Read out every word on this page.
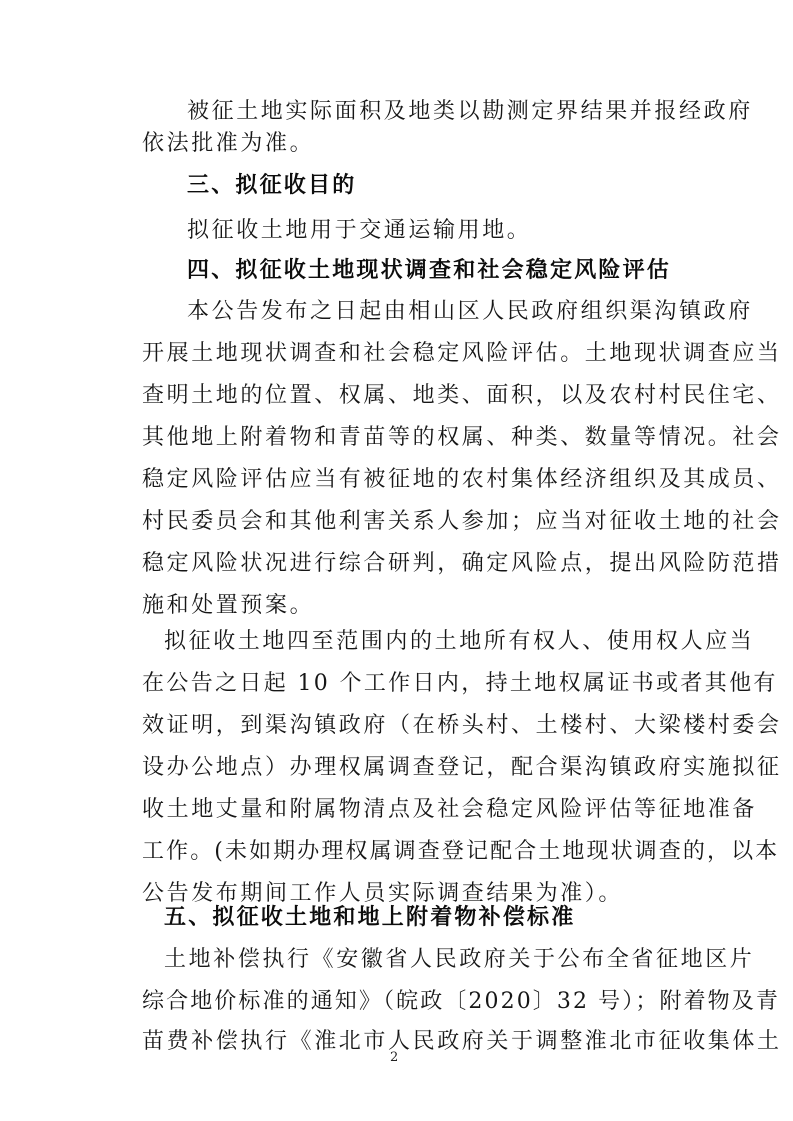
被征土地实际面积及地类以勘测定界结果并报经政府
依法批准为准。
三、拟征收目的
拟征收土地用于交通运输用地。
四、拟征收土地现状调查和社会稳定风险评估
本公告发布之日起由相山区人民政府组织渠沟镇政府
开展土地现状调查和社会稳定风险评估。土地现状调查应当
查明土地的位置、权属、地类、面积，以及农村村民住宅、
其他地上附着物和青苗等的权属、种类、数量等情况。社会
稳定风险评估应当有被征地的农村集体经济组织及其成员、
村民委员会和其他利害关系人参加；应当对征收土地的社会
稳定风险状况进行综合研判，确定风险点，提出风险防范措
施和处置预案。
拟征收土地四至范围内的土地所有权人、使用权人应当
在公告之日起 10 个工作日内，持土地权属证书或者其他有
效证明，到渠沟镇政府（在桥头村、土楼村、大梁楼村委会
设办公地点）办理权属调查登记，配合渠沟镇政府实施拟征
收土地丈量和附属物清点及社会稳定风险评估等征地准备
工作。(未如期办理权属调查登记配合土地现状调查的，以本
公告发布期间工作人员实际调查结果为准）。
五、拟征收土地和地上附着物补偿标准
土地补偿执行《安徽省人民政府关于公布全省征地区片
综合地价标准的通知》（皖政〔2020〕32 号）；附着物及青
苗费补偿执行《淮北市人民政府关于调整淮北市征收集体土
2
